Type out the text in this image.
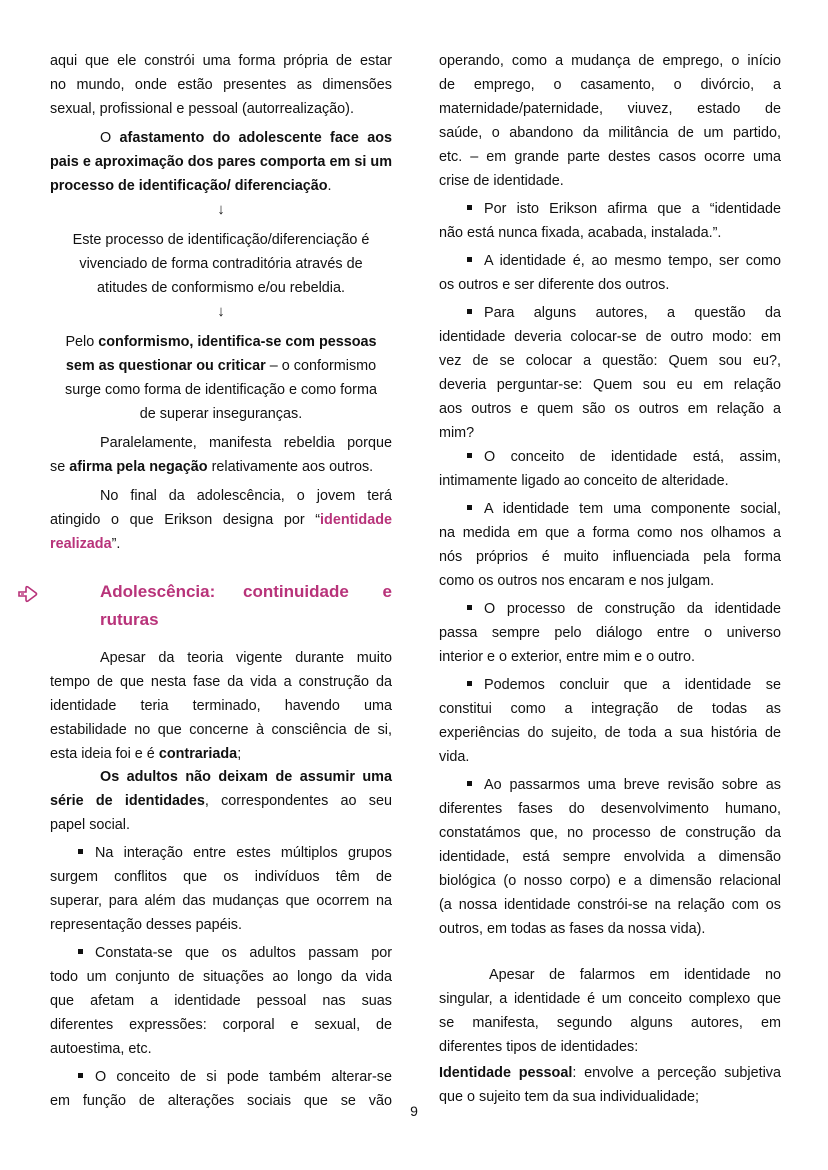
aqui que ele constrói uma forma própria de estar
no mundo, onde estão presentes as dimensões
sexual, profissional e pessoal (autorrealização).
O afastamento do adolescente face aos
pais e aproximação dos pares comporta em si um
processo de identificação/ diferenciação.
↓
Este processo de identificação/diferenciação é
vivenciado de forma contraditória através de
atitudes de conformismo e/ou rebeldia.
↓
Pelo conformismo, identifica-se com pessoas
sem as questionar ou criticar – o conformismo
surge como forma de identificação e como forma
de superar inseguranças.
Paralelamente, manifesta rebeldia porque
se afirma pela negação relativamente aos outros.
No final da adolescência, o jovem terá
atingido o que Erikson designa por “identidade
realizada”.
Apesar da teoria vigente durante muito
tempo de que nesta fase da vida a construção da
identidade teria terminado, havendo uma
estabilidade no que concerne à consciência de si,
esta ideia foi e é contrariada;
Os adultos não deixam de assumir uma
série de identidades, correspondentes ao seu
papel social.
Na interação entre estes múltiplos grupos
surgem conflitos que os indivíduos têm de
superar, para além das mudanças que ocorrem na
representação desses papéis.
Constata-se que os adultos passam por
todo um conjunto de situações ao longo da vida
que afetam a identidade pessoal nas suas
diferentes expressões: corporal e sexual, de
autoestima, etc.
O conceito de si pode também alterar-se
em função de alterações sociais que se vão
Adolescência: continuidade e
ruturas
operando, como a mudança de emprego, o início
de emprego, o casamento, o divórcio, a
maternidade/paternidade, viuvez, estado de
saúde, o abandono da militância de um partido,
etc. – em grande parte destes casos ocorre uma
crise de identidade.
Por isto Erikson afirma que a “identidade
não está nunca fixada, acabada, instalada.”.
A identidade é, ao mesmo tempo, ser como
os outros e ser diferente dos outros.
Para alguns autores, a questão da
identidade deveria colocar-se de outro modo: em
vez de se colocar a questão: Quem sou eu?,
deveria perguntar-se: Quem sou eu em relação
aos outros e quem são os outros em relação a
mim?
O conceito de identidade está, assim,
intimamente ligado ao conceito de alteridade.
A identidade tem uma componente social,
na medida em que a forma como nos olhamos a
nós próprios é muito influenciada pela forma
como os outros nos encaram e nos julgam.
O processo de construção da identidade
passa sempre pelo diálogo entre o universo
interior e o exterior, entre mim e o outro.
Podemos concluir que a identidade se
constitui como a integração de todas as
experiências do sujeito, de toda a sua história de
vida.
Ao passarmos uma breve revisão sobre as
diferentes fases do desenvolvimento humano,
constatámos que, no processo de construção da
identidade, está sempre envolvida a dimensão
biológica (o nosso corpo) e a dimensão relacional
(a nossa identidade constrói-se na relação com os
outros, em todas as fases da nossa vida).
Apesar de falarmos em identidade no
singular, a identidade é um conceito complexo que
se manifesta, segundo alguns autores, em
diferentes tipos de identidades:
Identidade pessoal: envolve a perceção subjetiva
que o sujeito tem da sua individualidade;
9
